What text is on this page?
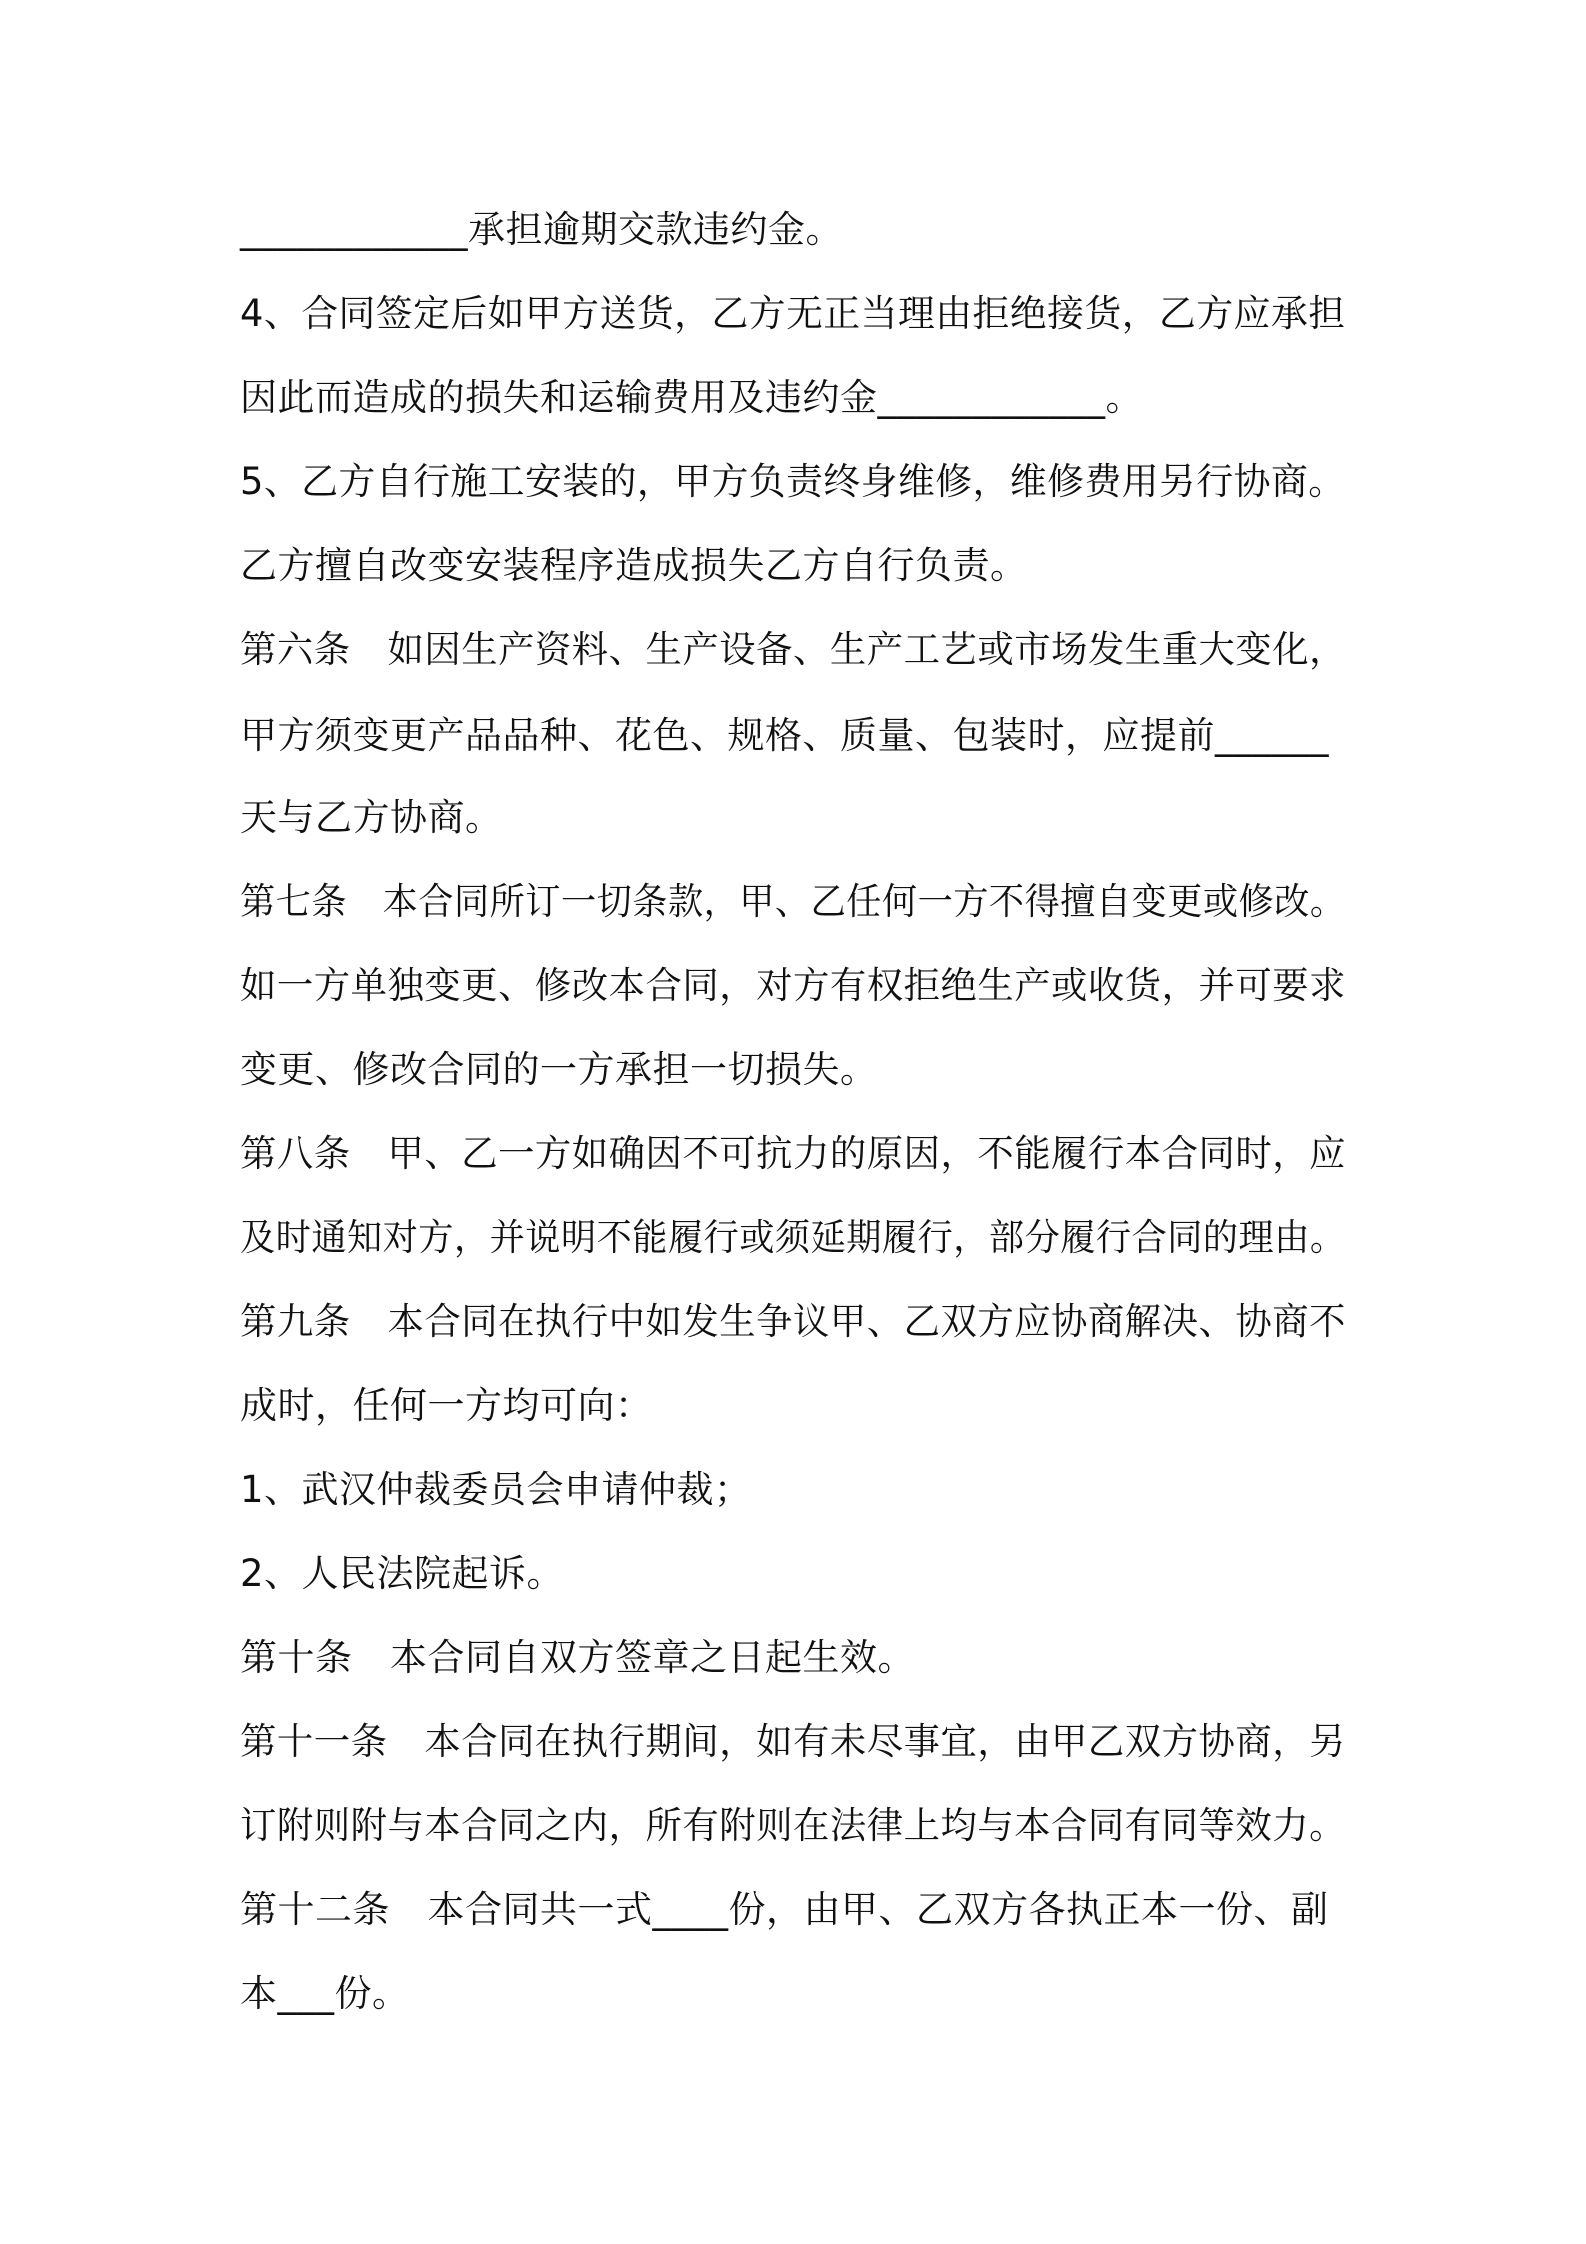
____________承担逾期交款违约金。
4、合同签定后如甲方送货，乙方无正当理由拒绝接货，乙方应承担
因此而造成的损失和运输费用及违约金____________。
5、乙方自行施工安装的，甲方负责终身维修，维修费用另行协商。
乙方擅自改变安装程序造成损失乙方自行负责。
第六条　如因生产资料、生产设备、生产工艺或市场发生重大变化，
甲方须变更产品品种、花色、规格、质量、包装时，应提前______
天与乙方协商。
第七条　本合同所订一切条款，甲、乙任何一方不得擅自变更或修改。
如一方单独变更、修改本合同，对方有权拒绝生产或收货，并可要求
变更、修改合同的一方承担一切损失。
第八条　甲、乙一方如确因不可抗力的原因，不能履行本合同时，应
及时通知对方，并说明不能履行或须延期履行，部分履行合同的理由。
第九条　本合同在执行中如发生争议甲、乙双方应协商解决、协商不
成时，任何一方均可向：
1、武汉仲裁委员会申请仲裁；
2、人民法院起诉。
第十条　本合同自双方签章之日起生效。
第十一条　本合同在执行期间，如有未尽事宜，由甲乙双方协商，另
订附则附与本合同之内，所有附则在法律上均与本合同有同等效力。
第十二条　本合同共一式____份，由甲、乙双方各执正本一份、副
本___份。
